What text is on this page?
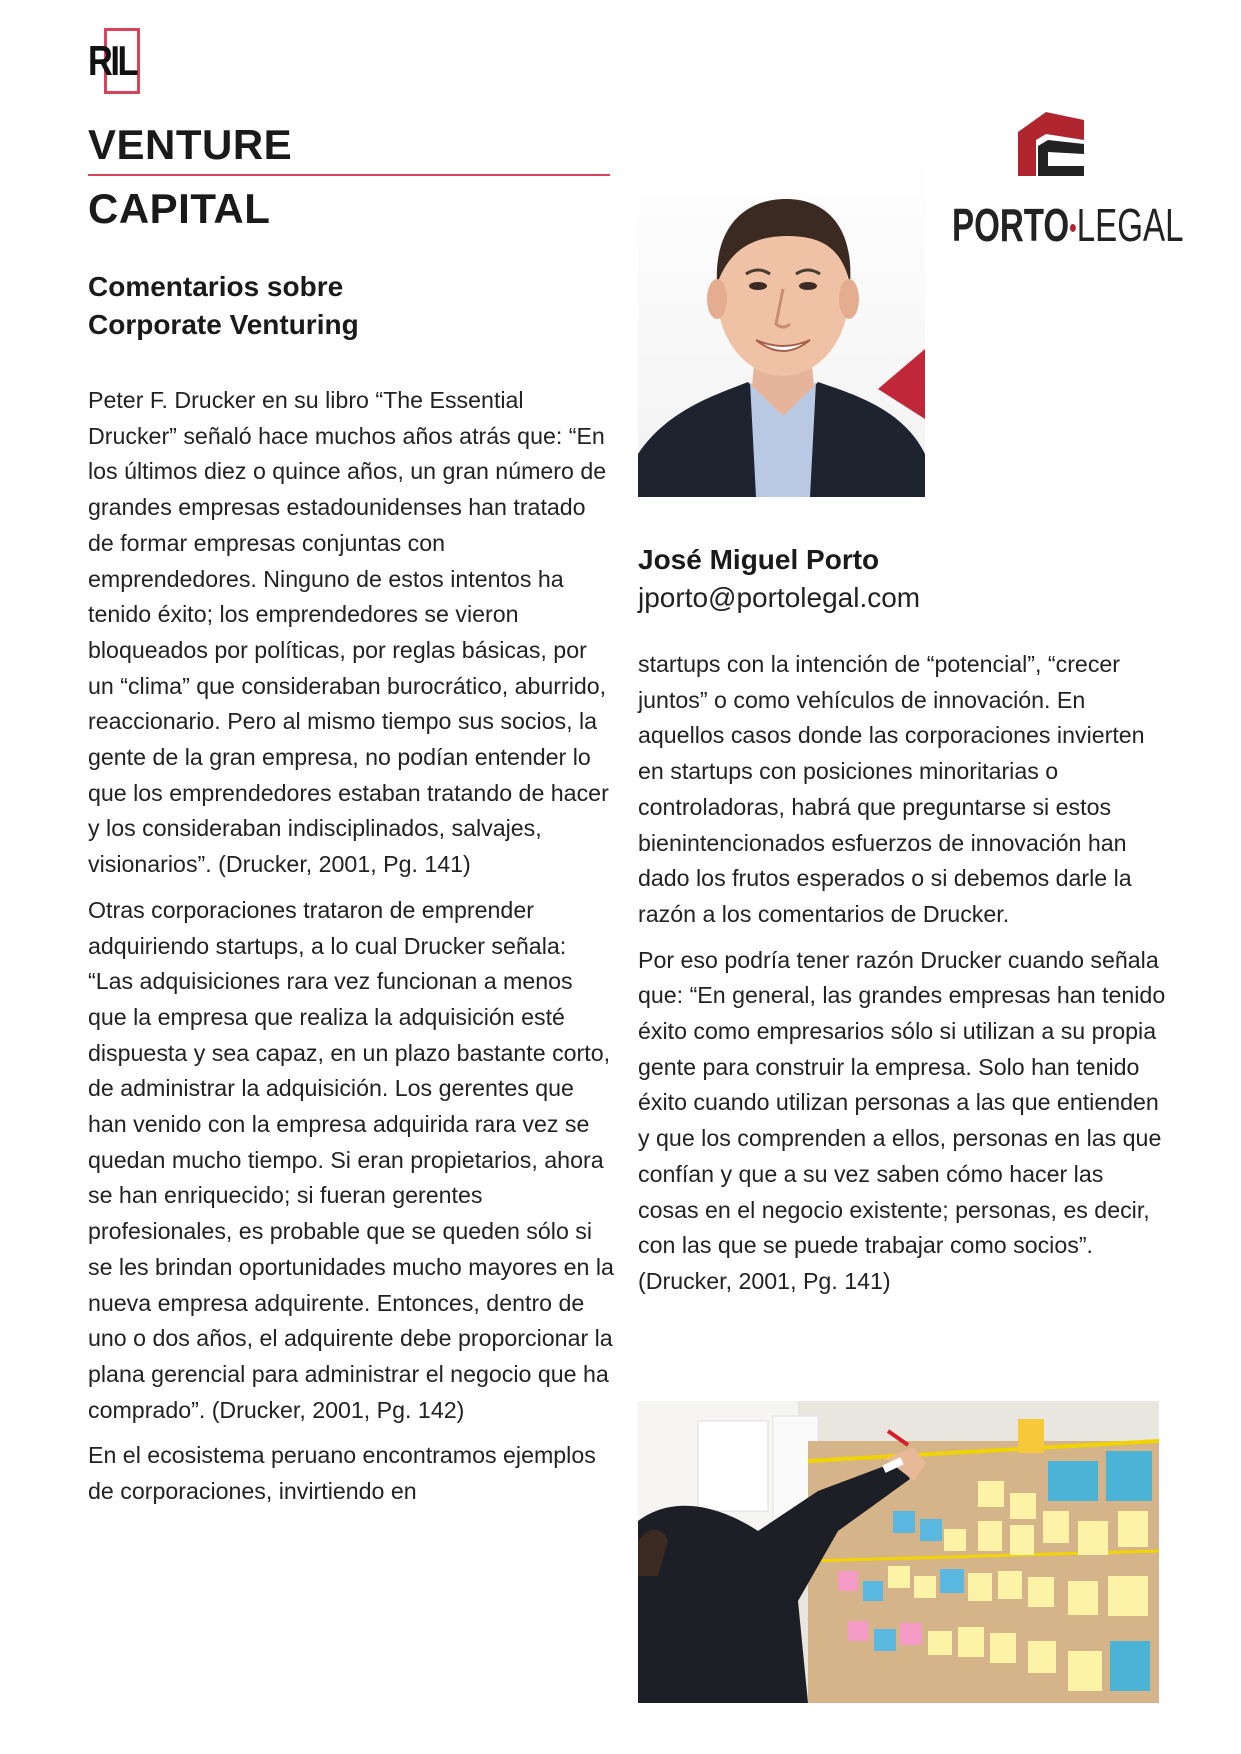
RIL
VENTURE
CAPITAL
Comentarios sobre
Corporate Venturing

Peter F. Drucker en su libro “The Essential Drucker” señaló hace muchos años atrás que: “En los últimos diez o quince años, un gran número de grandes empresas estadounidenses han tratado de formar empresas conjuntas con emprendedores. Ninguno de estos intentos ha tenido éxito; los emprendedores se vieron bloqueados por políticas, por reglas básicas, por un “clima” que consideraban burocrático, aburrido, reaccionario. Pero al mismo tiempo sus socios, la gente de la gran empresa, no podían entender lo que los emprendedores estaban tratando de hacer y los consideraban indisciplinados, salvajes, visionarios”. (Drucker, 2001, Pg. 141)

Otras corporaciones trataron de emprender adquiriendo startups, a lo cual Drucker señala: “Las adquisiciones rara vez funcionan a menos que la empresa que realiza la adquisición esté dispuesta y sea capaz, en un plazo bastante corto, de administrar la adquisición. Los gerentes que han venido con la empresa adquirida rara vez se quedan mucho tiempo. Si eran propietarios, ahora se han enriquecido; si fueran gerentes profesionales, es probable que se queden sólo si se les brindan oportunidades mucho mayores en la nueva empresa adquirente. Entonces, dentro de uno o dos años, el adquirente debe proporcionar la plana gerencial para administrar el negocio que ha comprado”. (Drucker, 2001, Pg. 142)

En el ecosistema peruano encontramos ejemplos de corporaciones, invirtiendo en

PORTO•LEGAL
José Miguel Porto
jporto@portolegal.com

startups con la intención de “potencial”, “crecer juntos” o como vehículos de innovación. En aquellos casos donde las corporaciones invierten en startups con posiciones minoritarias o controladoras, habrá que preguntarse si estos bienintencionados esfuerzos de innovación han dado los frutos esperados o si debemos darle la razón a los comentarios de Drucker.

Por eso podría tener razón Drucker cuando señala que: “En general, las grandes empresas han tenido éxito como empresarios sólo si utilizan a su propia gente para construir la empresa. Solo han tenido éxito cuando utilizan personas a las que entienden y que los comprenden a ellos, personas en las que confían y que a su vez saben cómo hacer las cosas en el negocio existente; personas, es decir, con las que se puede trabajar como socios”. (Drucker, 2001, Pg. 141)
